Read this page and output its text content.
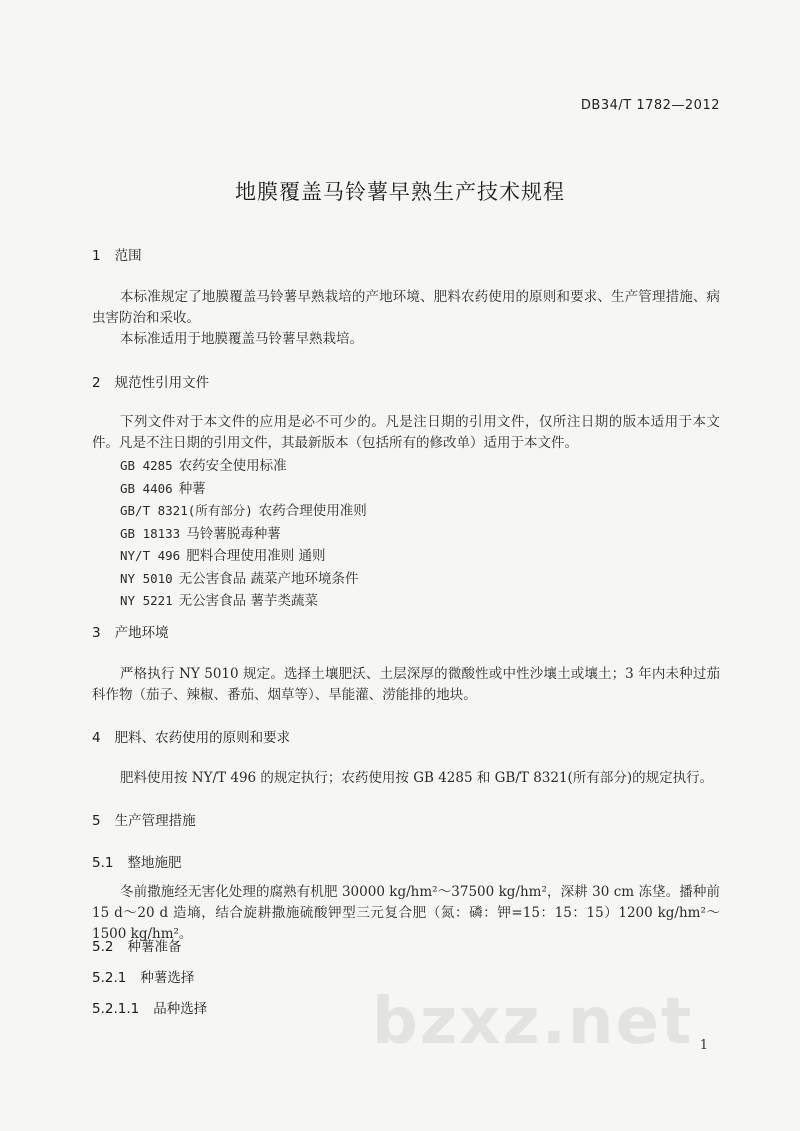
DB34/T 1782—2012
地膜覆盖马铃薯早熟生产技术规程
1 范围
本标准规定了地膜覆盖马铃薯早熟栽培的产地环境、肥料农药使用的原则和要求、生产管理措施、病虫害防治和采收。
本标准适用于地膜覆盖马铃薯早熟栽培。
2 规范性引用文件
下列文件对于本文件的应用是必不可少的。凡是注日期的引用文件，仅所注日期的版本适用于本文件。凡是不注日期的引用文件，其最新版本（包括所有的修改单）适用于本文件。
GB 4285 农药安全使用标准
GB 4406 种薯
GB/T 8321(所有部分) 农药合理使用准则
GB 18133 马铃薯脱毒种薯
NY/T 496 肥料合理使用准则 通则
NY 5010 无公害食品 蔬菜产地环境条件
NY 5221 无公害食品 薯芋类蔬菜
3 产地环境
严格执行 NY 5010 规定。选择土壤肥沃、土层深厚的微酸性或中性沙壤土或壤土；3 年内未种过茄科作物（茄子、辣椒、番茄、烟草等）、旱能灌、涝能排的地块。
4 肥料、农药使用的原则和要求
肥料使用按 NY/T 496 的规定执行；农药使用按 GB 4285 和 GB/T 8321(所有部分)的规定执行。
5 生产管理措施
5.1 整地施肥
冬前撒施经无害化处理的腐熟有机肥 30000 kg/hm²～37500 kg/hm²，深耕 30 cm 冻垡。播种前 15 d～20 d 造墒，结合旋耕撒施硫酸钾型三元复合肥（氮：磷：钾=15：15：15）1200 kg/hm²～1500 kg/hm²。
5.2 种薯准备
5.2.1 种薯选择
5.2.1.1 品种选择	bzxz.net 1
